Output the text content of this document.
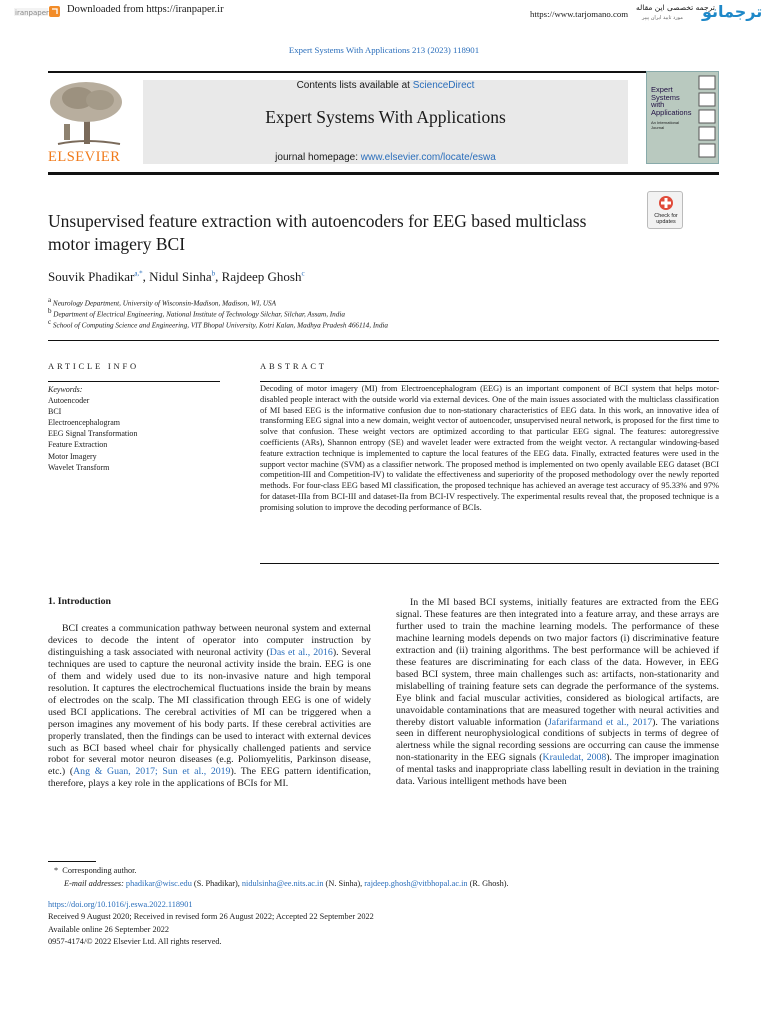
iranpaper Downloaded from https://iranpaper.ir	https://www.tarjomano.com
ترجمه تخصصی این مقاله
مورد تایید ایران پیپر ترجمانو
Expert Systems With Applications 213 (2023) 118901
ELSEVIER
Contents lists available at ScienceDirect
Expert Systems With Applications
journal homepage: www.elsevier.com/locate/eswa
Expert Systems with Applications
An International Journal
Check for updates
Unsupervised feature extraction with autoencoders for EEG based multiclass motor imagery BCI
Souvik Phadikar$^{a,*}$, Nidul Sinha$^b$, Rajdeep Ghosh$^c$
$^a$ Neurology Department, University of Wisconsin-Madison, Madison, WI, USA
$^b$ Department of Electrical Engineering, National Institute of Technology Silchar, Silchar, Assam, India
$^c$ School of Computing Science and Engineering, VIT Bhopal University, Kotri Kalan, Madhya Pradesh 466114, India
ARTICLE INFO	ABSTRACT
Keywords:
Autoencoder
BCI
Electroencephalogram
EEG Signal Transformation
Feature Extraction
Motor Imagery
Wavelet Transform

Decoding of motor imagery (MI) from Electroencephalogram (EEG) is an important component of BCI system that helps motor-disabled people interact with the outside world via external devices. One of the main issues associated with the multiclass classification of MI based EEG is the informative confusion due to non-stationary characteristics of EEG data. In this work, an innovative idea of transforming EEG signal into a new domain, weight vector of autoencoder, unsupervised neural network, is proposed for the first time to solve that confusion. These weight vectors are optimized according to that particular EEG signal. The features: autoregressive coefficients (ARs), Shannon entropy (SE) and wavelet leader were extracted from the weight vector. A rectangular windowing-based feature extraction technique is implemented to capture the local features of the EEG data. Finally, extracted features were used in the support vector machine (SVM) as a classifier network. The proposed method is implemented on two openly available EEG dataset (BCI competition-III and Competition-IV) to validate the effectiveness and superiority of the proposed methodology over the newly reported methods. For four-class EEG based MI classification, the proposed technique has achieved an average test accuracy of 95.33% and 97% for dataset-IIIa from BCI-III and dataset-IIa from BCI-IV respectively. The experimental results reveal that, the proposed technique is a promising solution to improve the decoding performance of BCIs.

1. Introduction

BCI creates a communication pathway between neuronal system and external devices to decode the intent of operator into computer instruction by distinguishing a task associated with neuronal activity (Das et al., 2016). Several techniques are used to capture the neuronal activity inside the brain. EEG is one of them and widely used due to its non-invasive nature and high temporal resolution. It captures the electrochemical fluctuations inside the brain by means of electrodes on the scalp. The MI classification through EEG is one of widely used BCI applications. The cerebral activities of MI can be triggered when a person imagines any movement of his body parts. If these cerebral activities are properly translated, then the findings can be used to interact with external devices such as BCI based wheel chair for physically challenged patients and service robot for several motor neuron diseases (e.g. Poliomyelitis, Parkinson disease, etc.) (Ang & Guan, 2017; Sun et al., 2019). The EEG pattern identification, therefore, plays a key role in the applications of BCIs for MI.

In the MI based BCI systems, initially features are extracted from the EEG signal. These features are then integrated into a feature array, and these arrays are further used to train the machine learning models. The performance of these machine learning models depends on two major factors (i) discriminative feature extraction and (ii) training algorithms. The best performance will be achieved if these features are discriminating for each class of the data. However, in EEG based BCI system, three main challenges such as: artifacts, non-stationarity and mislabelling of training feature sets can degrade the performance of the systems. Eye blink and facial muscular activities, considered as biological artifacts, are unavoidable contaminations that are measured together with neural activities and thereby distort valuable information (Jafarifarmand et al., 2017). The variations seen in different neurophysiological conditions of subjects in terms of degree of alertness while the signal recording sessions are occurring can cause the immense non-stationarity in the EEG signals (Krauledat, 2008). The improper imagination of mental tasks and inappropriate class labelling result in deviation in the training data. Various intelligent methods have been

*  Corresponding author.
E-mail addresses: phadikar@wisc.edu (S. Phadikar), nidulsinha@ee.nits.ac.in (N. Sinha), rajdeep.ghosh@vitbhopal.ac.in (R. Ghosh).
https://doi.org/10.1016/j.eswa.2022.118901
Received 9 August 2020; Received in revised form 26 August 2022; Accepted 22 September 2022
Available online 26 September 2022
0957-4174/© 2022 Elsevier Ltd. All rights reserved.
